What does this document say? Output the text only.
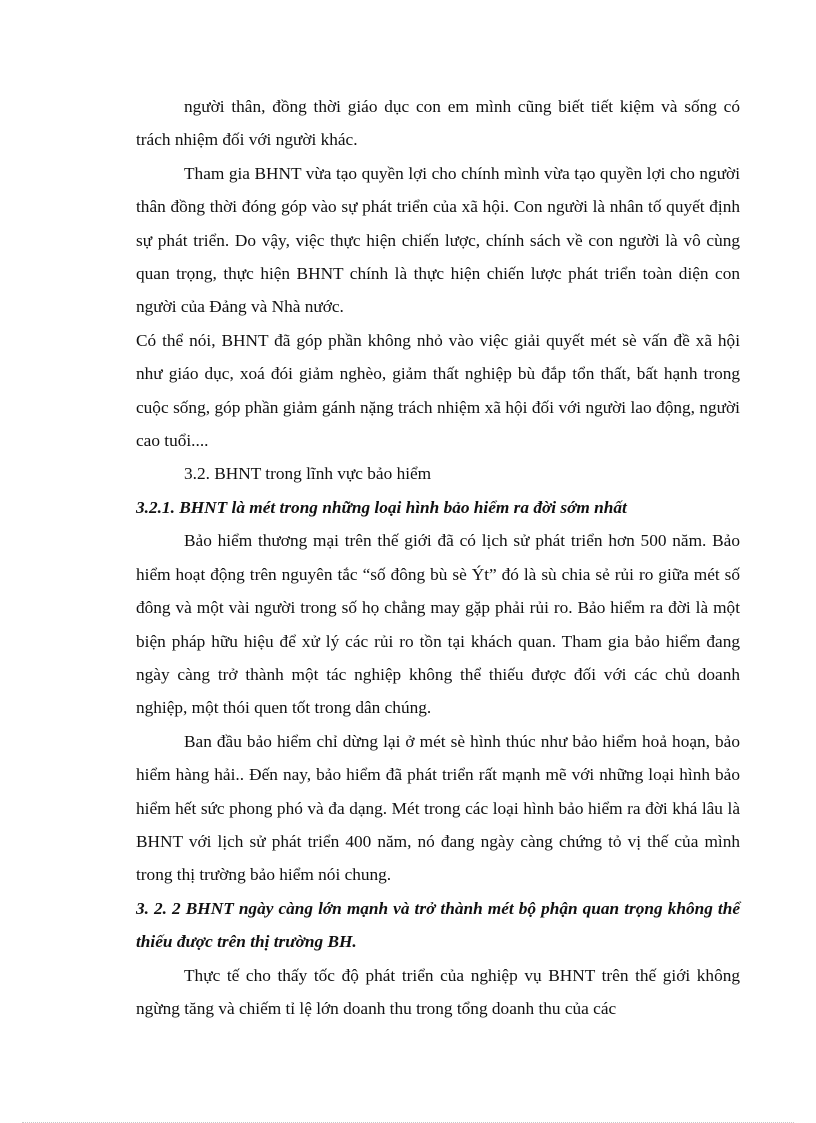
người thân, đồng thời giáo dục con em mình cũng biết tiết kiệm và sống có trách nhiệm đối với người khác.

Tham gia BHNT vừa tạo quyền lợi cho chính mình vừa tạo quyền lợi cho người thân đồng thời đóng góp vào sự phát triển của xã hội. Con người là nhân tố quyết định sự phát triển. Do vậy, việc thực hiện chiến lược, chính sách về con người là vô cùng quan trọng, thực hiện BHNT chính là thực hiện chiến lược phát triển toàn diện con người của Đảng và Nhà nước.

Có thể nói, BHNT đã góp phần không nhỏ vào việc giải quyết mét sè vấn đề xã hội như giáo dục, xoá đói giảm nghèo, giảm thất nghiệp bù đắp tổn thất, bất hạnh trong cuộc sống, góp phần giảm gánh nặng trách nhiệm xã hội đối với người lao động, người cao tuổi....

3.2. BHNT trong lĩnh vực bảo hiểm

3.2.1. BHNT là mét trong những loại hình bảo hiểm ra đời sớm nhất

Bảo hiểm thương mại trên thế giới đã có lịch sử phát triển hơn 500 năm. Bảo hiểm hoạt động trên nguyên tắc “số đông bù sè Ýt” đó là sù chia sẻ rủi ro giữa mét số đông và một vài người trong số họ chẳng may gặp phải rủi ro. Bảo hiểm ra đời là một biện pháp hữu hiệu để xử lý các rủi ro tồn tại khách quan. Tham gia bảo hiểm đang ngày càng trở thành một tác nghiệp không thể thiếu được đối với các chủ doanh nghiệp, một thói quen tốt trong dân chúng.

Ban đầu bảo hiểm chỉ dừng lại ở mét sè hình thúc như bảo hiểm hoả hoạn, bảo hiểm hàng hải.. Đến nay, bảo hiểm đã phát triển rất mạnh mẽ với những loại hình bảo hiểm hết sức phong phó và đa dạng. Mét trong các loại hình bảo hiểm ra đời khá lâu là BHNT với lịch sử phát triển 400 năm, nó đang ngày càng chứng tỏ vị thế của mình trong thị trường bảo hiểm nói chung.

3. 2. 2 BHNT ngày càng lớn mạnh và trở thành mét bộ phận quan trọng không thể thiếu được trên thị trường BH.

Thực tế cho thấy tốc độ phát triển của nghiệp vụ BHNT trên thế giới không ngừng tăng và chiếm tỉ lệ lớn doanh thu trong tổng doanh thu của các
